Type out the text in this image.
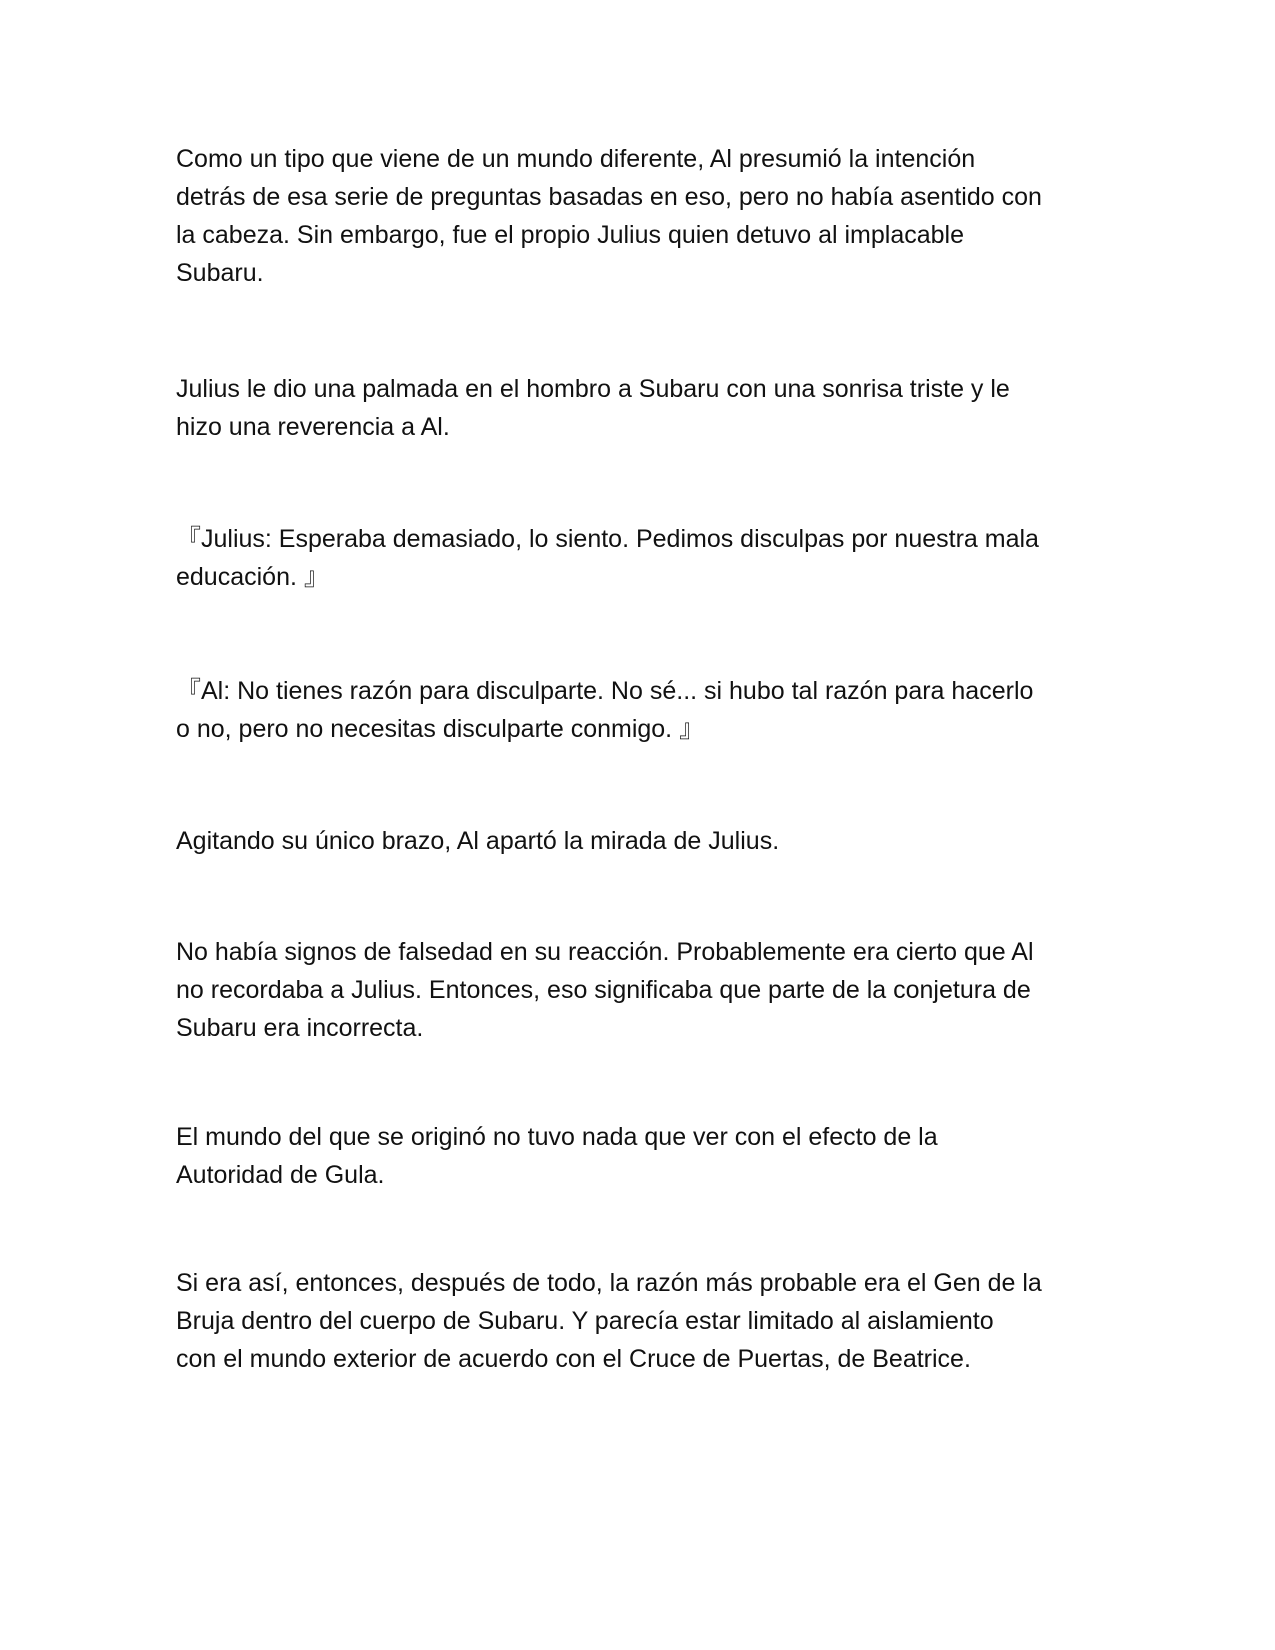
Como un tipo que viene de un mundo diferente, Al presumió la intención
detrás de esa serie de preguntas basadas en eso, pero no había asentido con
la cabeza. Sin embargo, fue el propio Julius quien detuvo al implacable
Subaru.

Julius le dio una palmada en el hombro a Subaru con una sonrisa triste y le
hizo una reverencia a Al.

『Julius: Esperaba demasiado, lo siento. Pedimos disculpas por nuestra mala
educación. 』

『Al: No tienes razón para disculparte. No sé... si hubo tal razón para hacerlo
o no, pero no necesitas disculparte conmigo. 』

Agitando su único brazo, Al apartó la mirada de Julius.

No había signos de falsedad en su reacción. Probablemente era cierto que Al
no recordaba a Julius. Entonces, eso significaba que parte de la conjetura de
Subaru era incorrecta.

El mundo del que se originó no tuvo nada que ver con el efecto de la
Autoridad de Gula.

Si era así, entonces, después de todo, la razón más probable era el Gen de la
Bruja dentro del cuerpo de Subaru. Y parecía estar limitado al aislamiento
con el mundo exterior de acuerdo con el Cruce de Puertas, de Beatrice.
